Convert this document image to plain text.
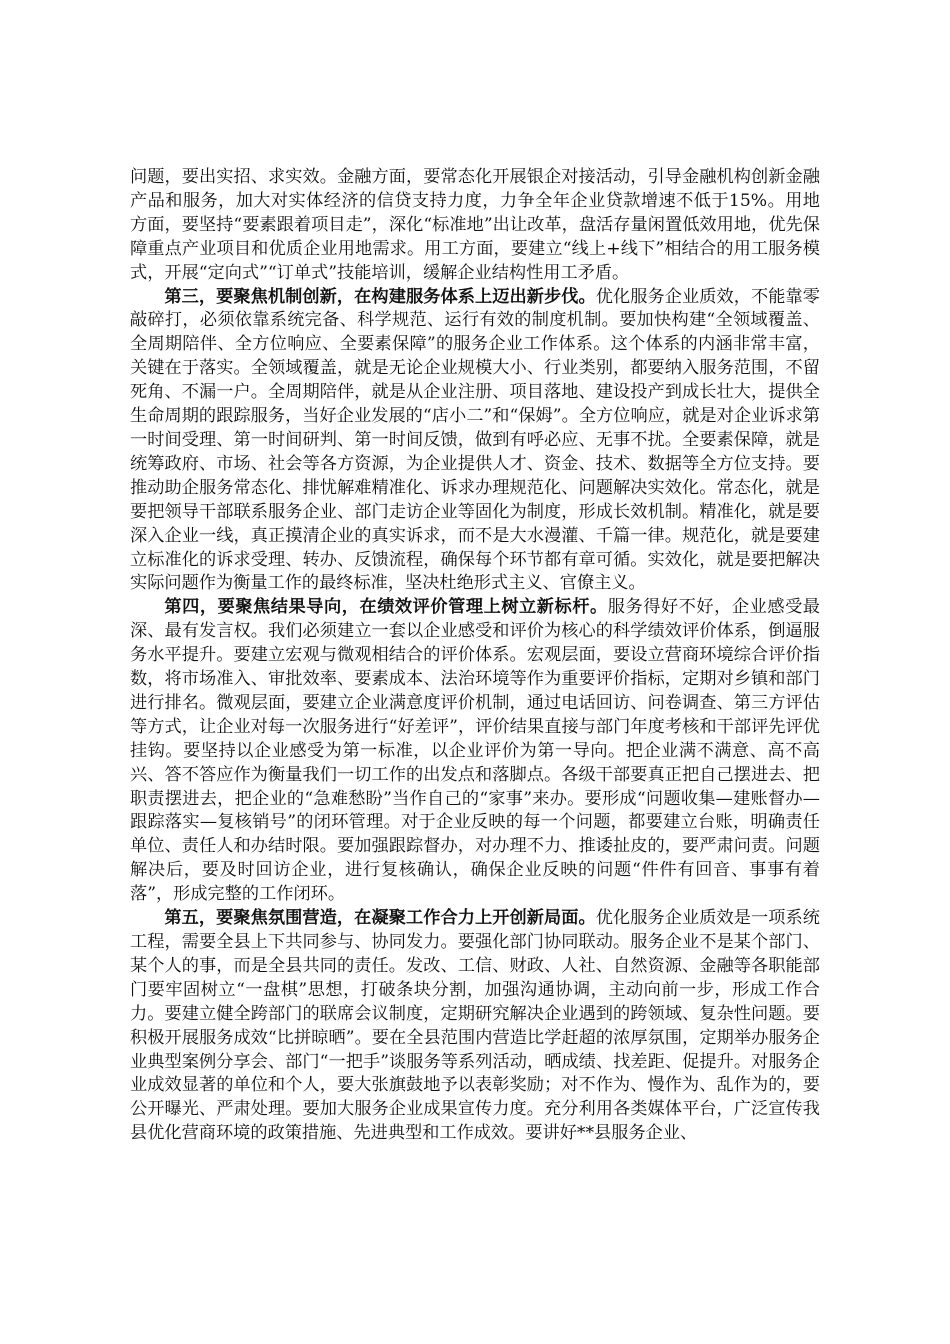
问题，要出实招、求实效。金融方面，要常态化开展银企对接活动，引导金融机构创新金融产品和服务，加大对实体经济的信贷支持力度，力争全年企业贷款增速不低于15%。用地方面，要坚持“要素跟着项目走”，深化“标准地”出让改革，盘活存量闲置低效用地，优先保障重点产业项目和优质企业用地需求。用工方面，要建立“线上+线下”相结合的用工服务模式，开展“定向式”“订单式”技能培训，缓解企业结构性用工矛盾。

第三，要聚焦机制创新，在构建服务体系上迈出新步伐。优化服务企业质效，不能靠零敲碎打，必须依靠系统完备、科学规范、运行有效的制度机制。要加快构建“全领域覆盖、全周期陪伴、全方位响应、全要素保障”的服务企业工作体系。这个体系的内涵非常丰富，关键在于落实。全领域覆盖，就是无论企业规模大小、行业类别，都要纳入服务范围，不留死角、不漏一户。全周期陪伴，就是从企业注册、项目落地、建设投产到成长壮大，提供全生命周期的跟踪服务，当好企业发展的“店小二”和“保姆”。全方位响应，就是对企业诉求第一时间受理、第一时间研判、第一时间反馈，做到有呼必应、无事不扰。全要素保障，就是统筹政府、市场、社会等各方资源，为企业提供人才、资金、技术、数据等全方位支持。要推动助企服务常态化、排忧解难精准化、诉求办理规范化、问题解决实效化。常态化，就是要把领导干部联系服务企业、部门走访企业等固化为制度，形成长效机制。精准化，就是要深入企业一线，真正摸清企业的真实诉求，而不是大水漫灌、千篇一律。规范化，就是要建立标准化的诉求受理、转办、反馈流程，确保每个环节都有章可循。实效化，就是要把解决实际问题作为衡量工作的最终标准，坚决杜绝形式主义、官僚主义。

第四，要聚焦结果导向，在绩效评价管理上树立新标杆。服务得好不好，企业感受最深、最有发言权。我们必须建立一套以企业感受和评价为核心的科学绩效评价体系，倒逼服务水平提升。要建立宏观与微观相结合的评价体系。宏观层面，要设立营商环境综合评价指数，将市场准入、审批效率、要素成本、法治环境等作为重要评价指标，定期对乡镇和部门进行排名。微观层面，要建立企业满意度评价机制，通过电话回访、问卷调查、第三方评估等方式，让企业对每一次服务进行“好差评”，评价结果直接与部门年度考核和干部评先评优挂钩。要坚持以企业感受为第一标准，以企业评价为第一导向。把企业满不满意、高不高兴、答不答应作为衡量我们一切工作的出发点和落脚点。各级干部要真正把自己摆进去、把职责摆进去，把企业的“急难愁盼”当作自己的“家事”来办。要形成“问题收集—建账督办—跟踪落实—复核销号”的闭环管理。对于企业反映的每一个问题，都要建立台账，明确责任单位、责任人和办结时限。要加强跟踪督办，对办理不力、推诿扯皮的，要严肃问责。问题解决后，要及时回访企业，进行复核确认，确保企业反映的问题“件件有回音、事事有着落”，形成完整的工作闭环。

第五，要聚焦氛围营造，在凝聚工作合力上开创新局面。优化服务企业质效是一项系统工程，需要全县上下共同参与、协同发力。要强化部门协同联动。服务企业不是某个部门、某个人的事，而是全县共同的责任。发改、工信、财政、人社、自然资源、金融等各职能部门要牢固树立“一盘棋”思想，打破条块分割，加强沟通协调，主动向前一步，形成工作合力。要建立健全跨部门的联席会议制度，定期研究解决企业遇到的跨领域、复杂性问题。要积极开展服务成效“比拼晾晒”。要在全县范围内营造比学赶超的浓厚氛围，定期举办服务企业典型案例分享会、部门“一把手”谈服务等系列活动，晒成绩、找差距、促提升。对服务企业成效显著的单位和个人，要大张旗鼓地予以表彰奖励；对不作为、慢作为、乱作为的，要公开曝光、严肃处理。要加大服务企业成果宣传力度。充分利用各类媒体平台，广泛宣传我县优化营商环境的政策措施、先进典型和工作成效。要讲好**县服务企业、
